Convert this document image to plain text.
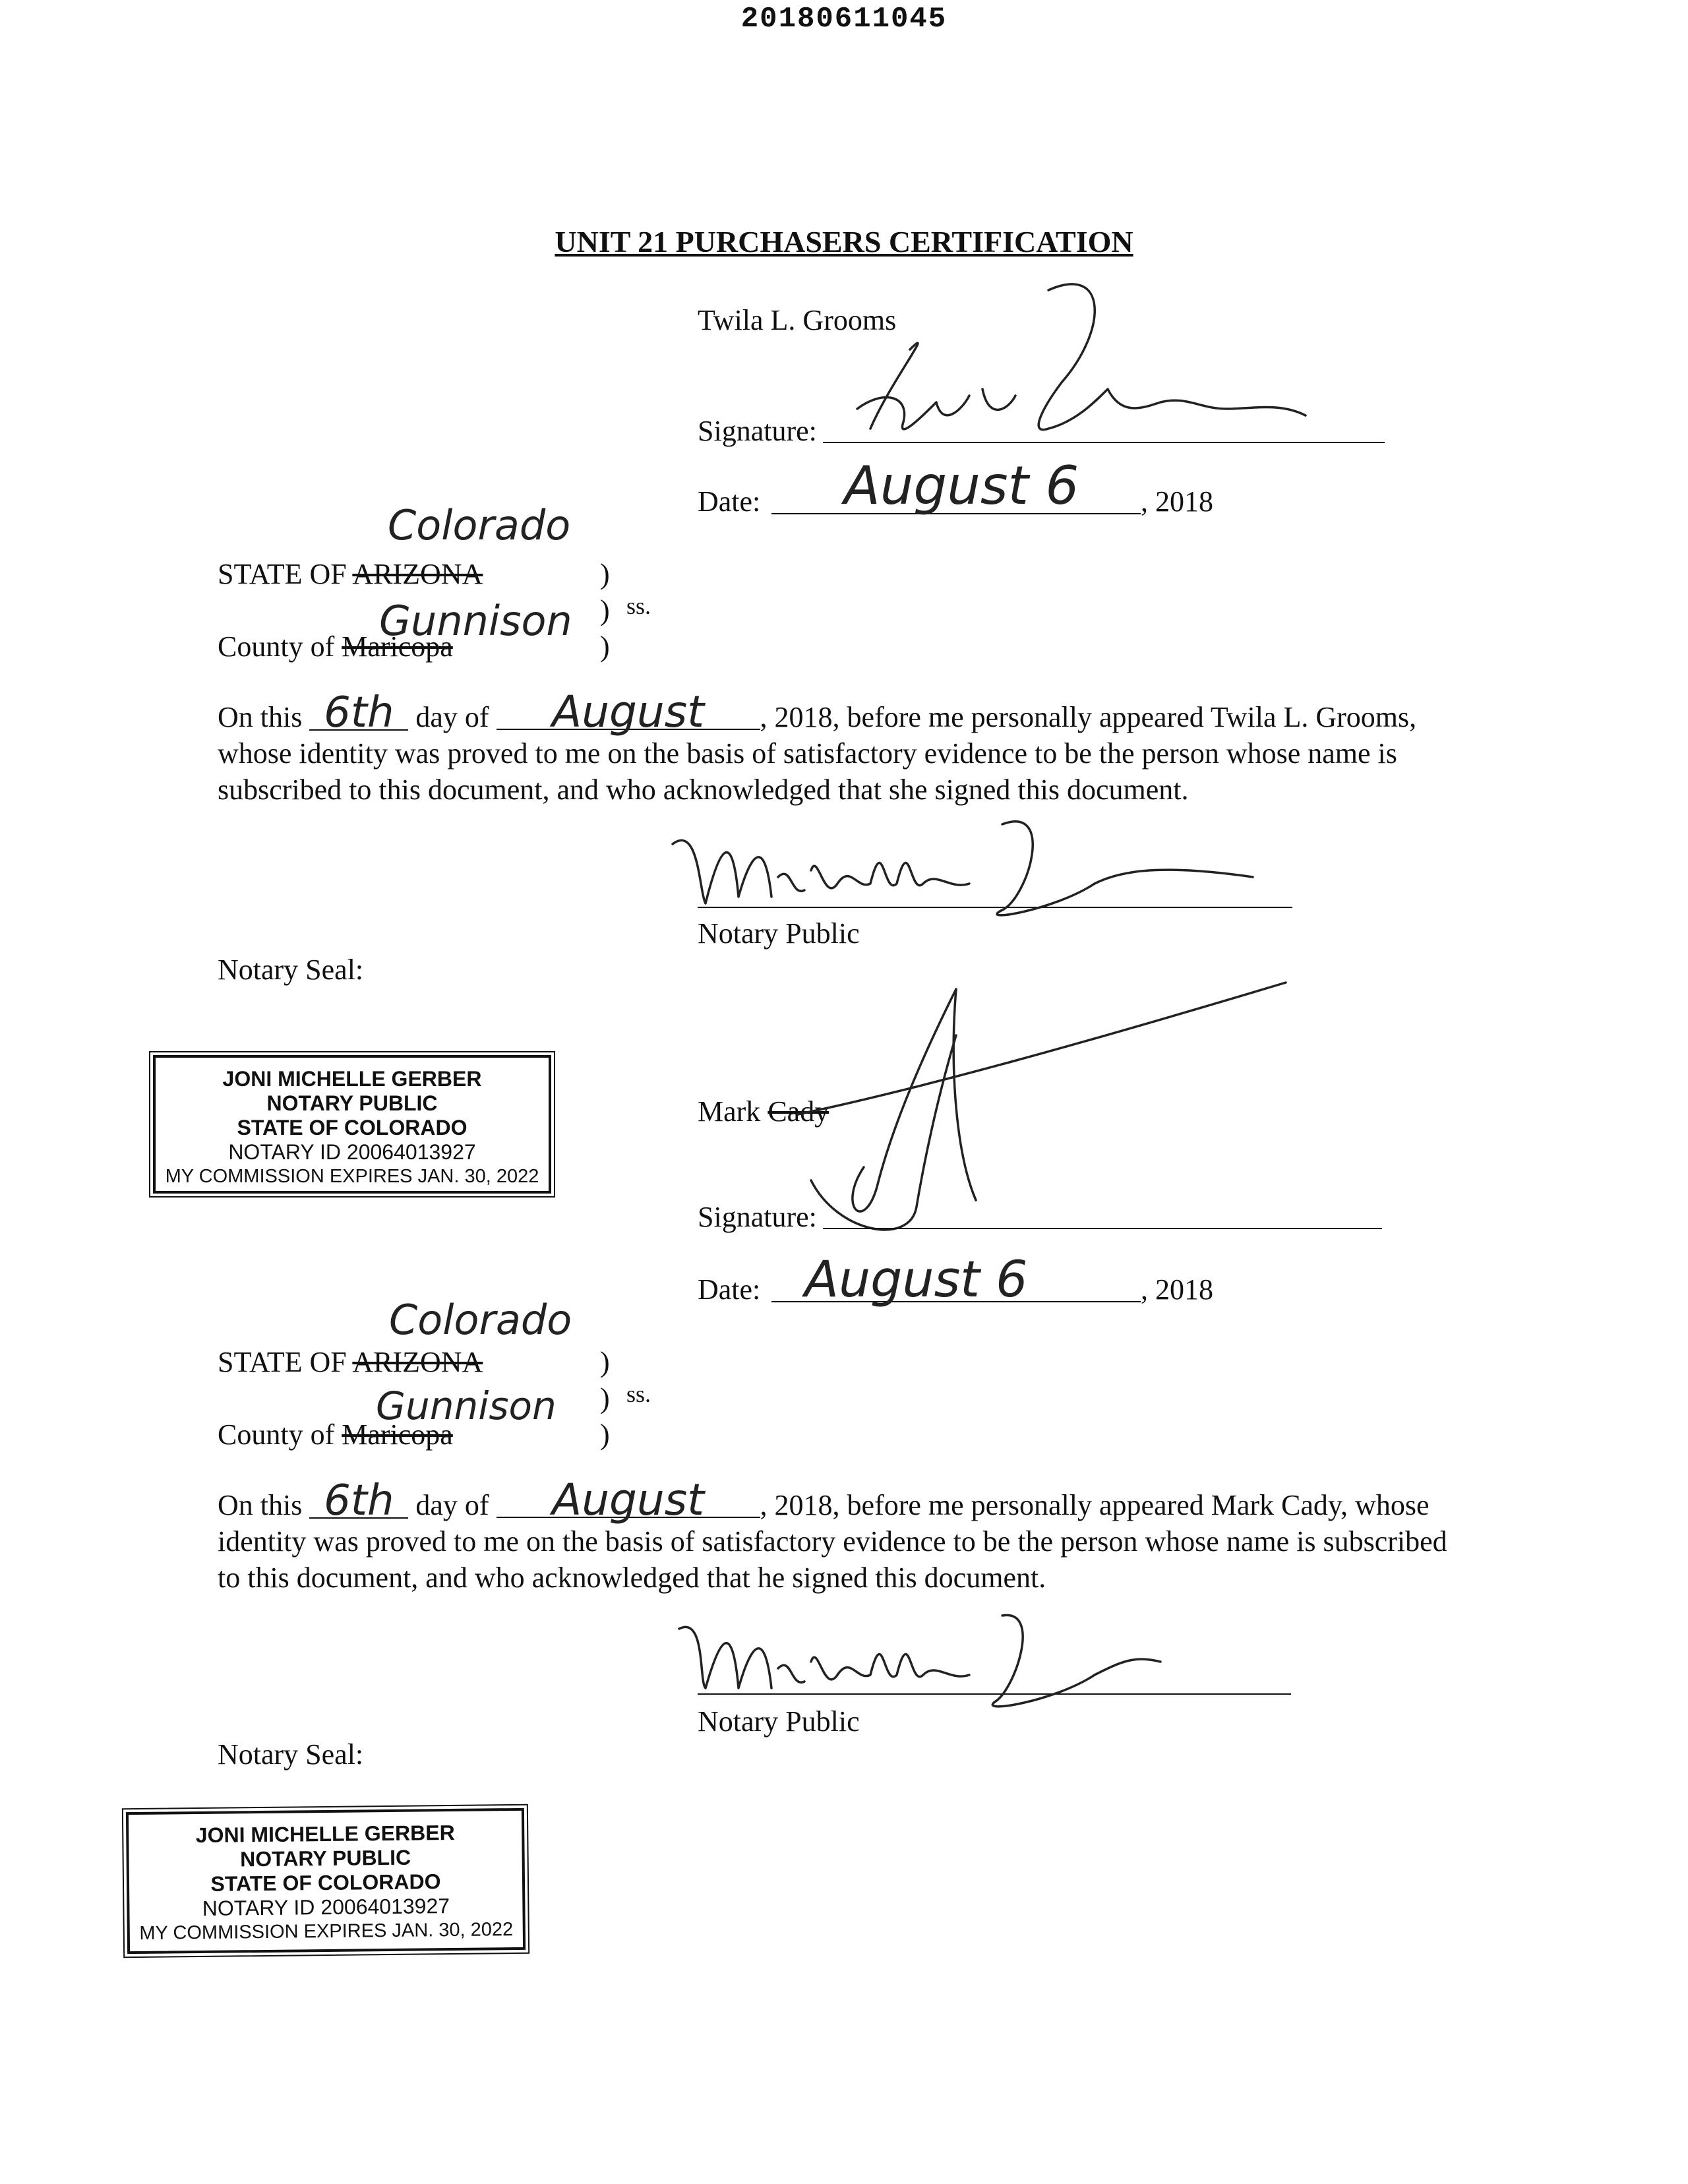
20180611045
UNIT 21 PURCHASERS CERTIFICATION
Twila L. Grooms
Signature:
Date: August 6 , 2018
Colorado
STATE OF ARIZONA	)
) ss.
)
Gunnison
County of Maricopa
On this 6th day of August , 2018, before me personally appeared Twila L. Grooms, whose identity was proved to me on the basis of satisfactory evidence to be the person whose name is subscribed to this document, and who acknowledged that she signed this document.
Notary Public
Notary Seal:
JONI MICHELLE GERBER
NOTARY PUBLIC
STATE OF COLORADO
NOTARY ID 20064013927
MY COMMISSION EXPIRES JAN. 30, 2022
Mark Cady
Signature:
Date: August 6	, 2018
Colorado
STATE OF ARIZONA	)
) ss.
)
Gunnison
County of Maricopa
On this 6th day of August , 2018, before me personally appeared Mark Cady, whose identity was proved to me on the basis of satisfactory evidence to be the person whose name is subscribed to this document, and who acknowledged that he signed this document.
Notary Public
Notary Seal:
JONI MICHELLE GERBER
NOTARY PUBLIC
STATE OF COLORADO
NOTARY ID 20064013927
MY COMMISSION EXPIRES JAN. 30, 2022
